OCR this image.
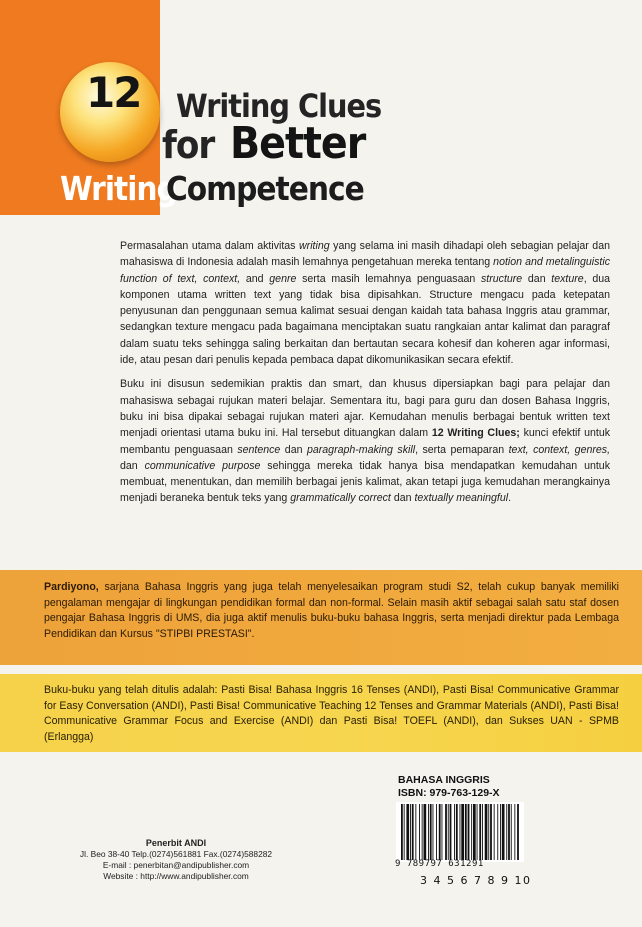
12	Writing Clues
for Better
Writing
Competence

Permasalahan utama dalam aktivitas writing yang selama ini masih dihadapi oleh sebagian pelajar dan mahasiswa di Indonesia adalah masih lemahnya pengetahuan mereka tentang notion and metalinguistic function of text, context, and genre serta masih lemahnya penguasaan structure dan texture, dua komponen utama written text yang tidak bisa dipisahkan. Structure mengacu pada ketepatan penyusunan dan penggunaan semua kalimat sesuai dengan kaidah tata bahasa Inggris atau grammar, sedangkan texture mengacu pada bagaimana menciptakan suatu rangkaian antar kalimat dan paragraf dalam suatu teks sehingga saling berkaitan dan bertautan secara kohesif dan koheren agar informasi, ide, atau pesan dari penulis kepada pembaca dapat dikomunikasikan secara efektif.

Buku ini disusun sedemikian praktis dan smart, dan khusus dipersiapkan bagi para pelajar dan mahasiswa sebagai rujukan materi belajar. Sementara itu, bagi para guru dan dosen Bahasa Inggris, buku ini bisa dipakai sebagai rujukan materi ajar. Kemudahan menulis berbagai bentuk written text menjadi orientasi utama buku ini. Hal tersebut dituangkan dalam 12 Writing Clues; kunci efektif untuk membantu penguasaan sentence dan paragraph-making skill, serta pemaparan text, context, genres, dan communicative purpose sehingga mereka tidak hanya bisa mendapatkan kemudahan untuk membuat, menentukan, dan memilih berbagai jenis kalimat, akan tetapi juga kemudahan merangkainya menjadi beraneka bentuk teks yang grammatically correct dan textually meaningful.

Pardiyono, sarjana Bahasa Inggris yang juga telah menyelesaikan program studi S2, telah cukup banyak memiliki pengalaman mengajar di lingkungan pendidikan formal dan non-formal. Selain masih aktif sebagai salah satu staf dosen pengajar Bahasa Inggris di UMS, dia juga aktif menulis buku-buku bahasa Inggris, serta menjadi direktur pada Lembaga Pendidikan dan Kursus "STIPBI PRESTASI".
Buku-buku yang telah ditulis adalah: Pasti Bisa! Bahasa Inggris 16 Tenses (ANDI), Pasti Bisa! Communicative Grammar for Easy Conversation (ANDI), Pasti Bisa! Communicative Teaching 12 Tenses and Grammar Materials (ANDI), Pasti Bisa! Communicative Grammar Focus and Exercise (ANDI) dan Pasti Bisa! TOEFL (ANDI), dan Sukses UAN - SPMB (Erlangga)
Penerbit ANDI
Jl. Beo 38-40 Telp.(0274)561881 Fax.(0274)588282
E-mail : penerbitan@andipublisher.com
Website : http://www.andipublisher.com
BAHASA INGGRIS
ISBN: 979-763-129-X
9 789797 631291
3 4 5 6 7 8 9 10
